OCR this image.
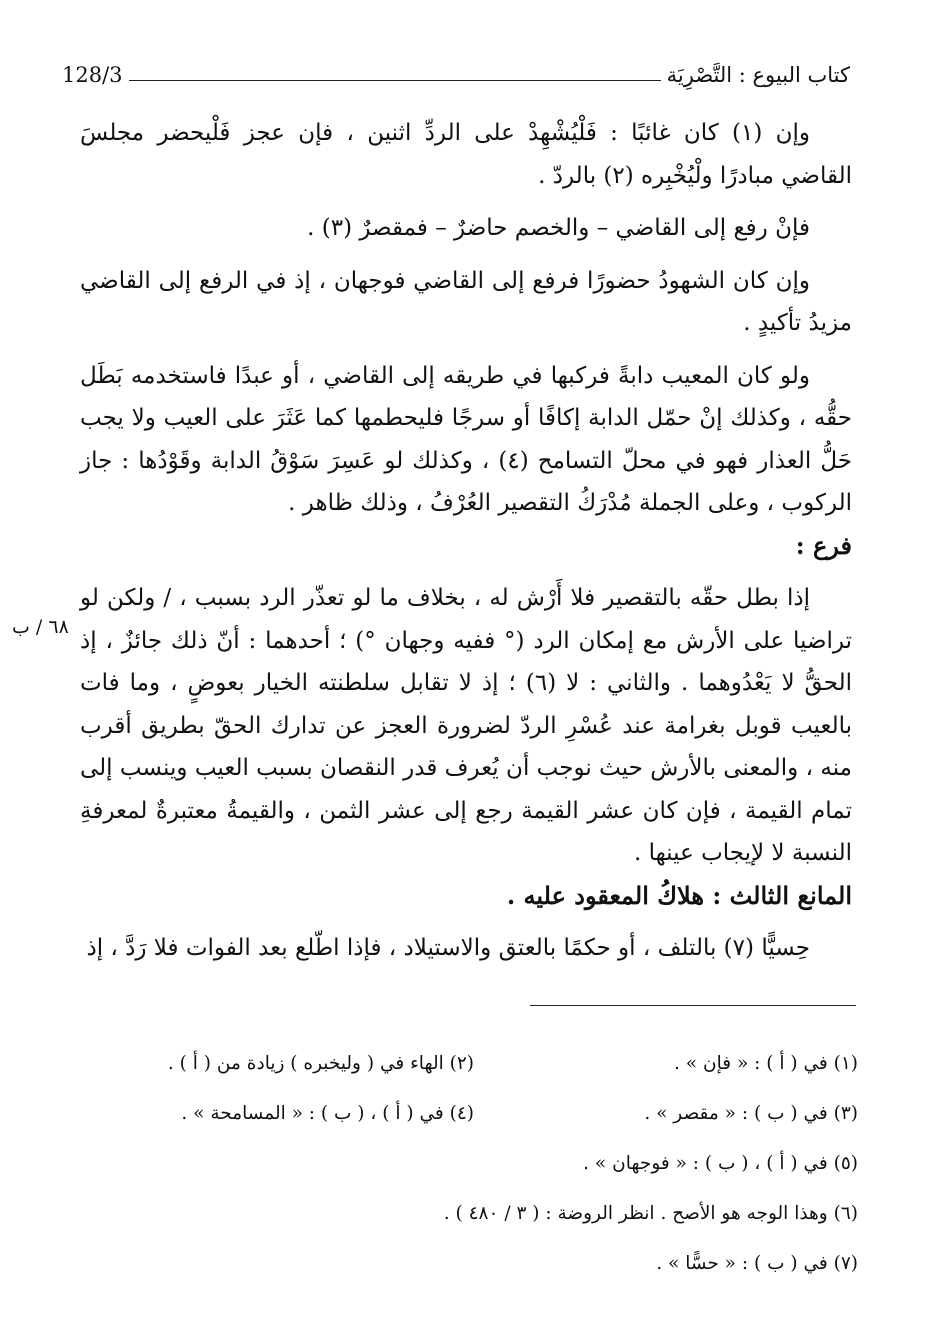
كتاب البيوع : التَّصْرِيَة
128/3
٦٨ / ب

وإن (١) كان غائبًا : فَلْيُشْهِدْ على الردِّ اثنين ، فإن عجز فَلْيحضر مجلسَ القاضي مبادرًا ولْيُخْبِره (٢) بالردّ .

فإنْ رفع إلى القاضي – والخصم حاضرٌ – فمقصرٌ (٣) .

وإن كان الشهودُ حضورًا فرفع إلى القاضي فوجهان ، إذ في الرفع إلى القاضي مزيدُ تأكيدٍ .

ولو كان المعيب دابةً فركبها في طريقه إلى القاضي ، أو عبدًا فاستخدمه بَطَل حقُّه ، وكذلك إنْ حمّل الدابة إكافًا أو سرجًا فليحطمها كما عَثَرَ على العيب ولا يجب حَلُّ العذار فهو في محلّ التسامح (٤) ، وكذلك لو عَسِرَ سَوْقُ الدابة وقَوْدُها : جاز الركوب ، وعلى الجملة مُدْرَكُ التقصير العُرْفُ ، وذلك ظاهر .

فرع :

إذا بطل حقّه بالتقصير فلا أَرْش له ، بخلاف ما لو تعذّر الرد بسبب ، / ولكن لو تراضيا على الأرش مع إمكان الرد (° ففيه وجهان °) ؛ أحدهما : أنّ ذلك جائزٌ ، إذ الحقُّ لا يَعْدُوهما . والثاني : لا (٦) ؛ إذ لا تقابل سلطنته الخيار بعوضٍ ، وما فات بالعيب قوبل بغرامة عند عُسْرِ الردّ لضرورة العجز عن تدارك الحقّ بطريق أقرب منه ، والمعنى بالأرش حيث نوجب أن يُعرف قدر النقصان بسبب العيب وينسب إلى تمام القيمة ، فإن كان عشر القيمة رجع إلى عشر الثمن ، والقيمةُ معتبرةٌ لمعرفةِ النسبة لا لإيجاب عينها .

المانع الثالث : هلاكُ المعقود عليه .

حِسيًّا (٧) بالتلف ، أو حكمًا بالعتق والاستيلاد ، فإذا اطّلع بعد الفوات فلا رَدَّ ، إذ

(١) في ( أ ) : « فإن » .
(٢) الهاء في ( وليخبره ) زيادة من ( أ ) .
(٣) في ( ب ) : « مقصر » .
(٤) في ( أ ) ، ( ب ) : « المسامحة » .
(٥) في ( أ ) ، ( ب ) : « فوجهان » .
(٦) وهذا الوجه هو الأصح . انظر الروضة : ( ٣ / ٤٨٠ ) .
(٧) في ( ب ) : « حسًّا » .
